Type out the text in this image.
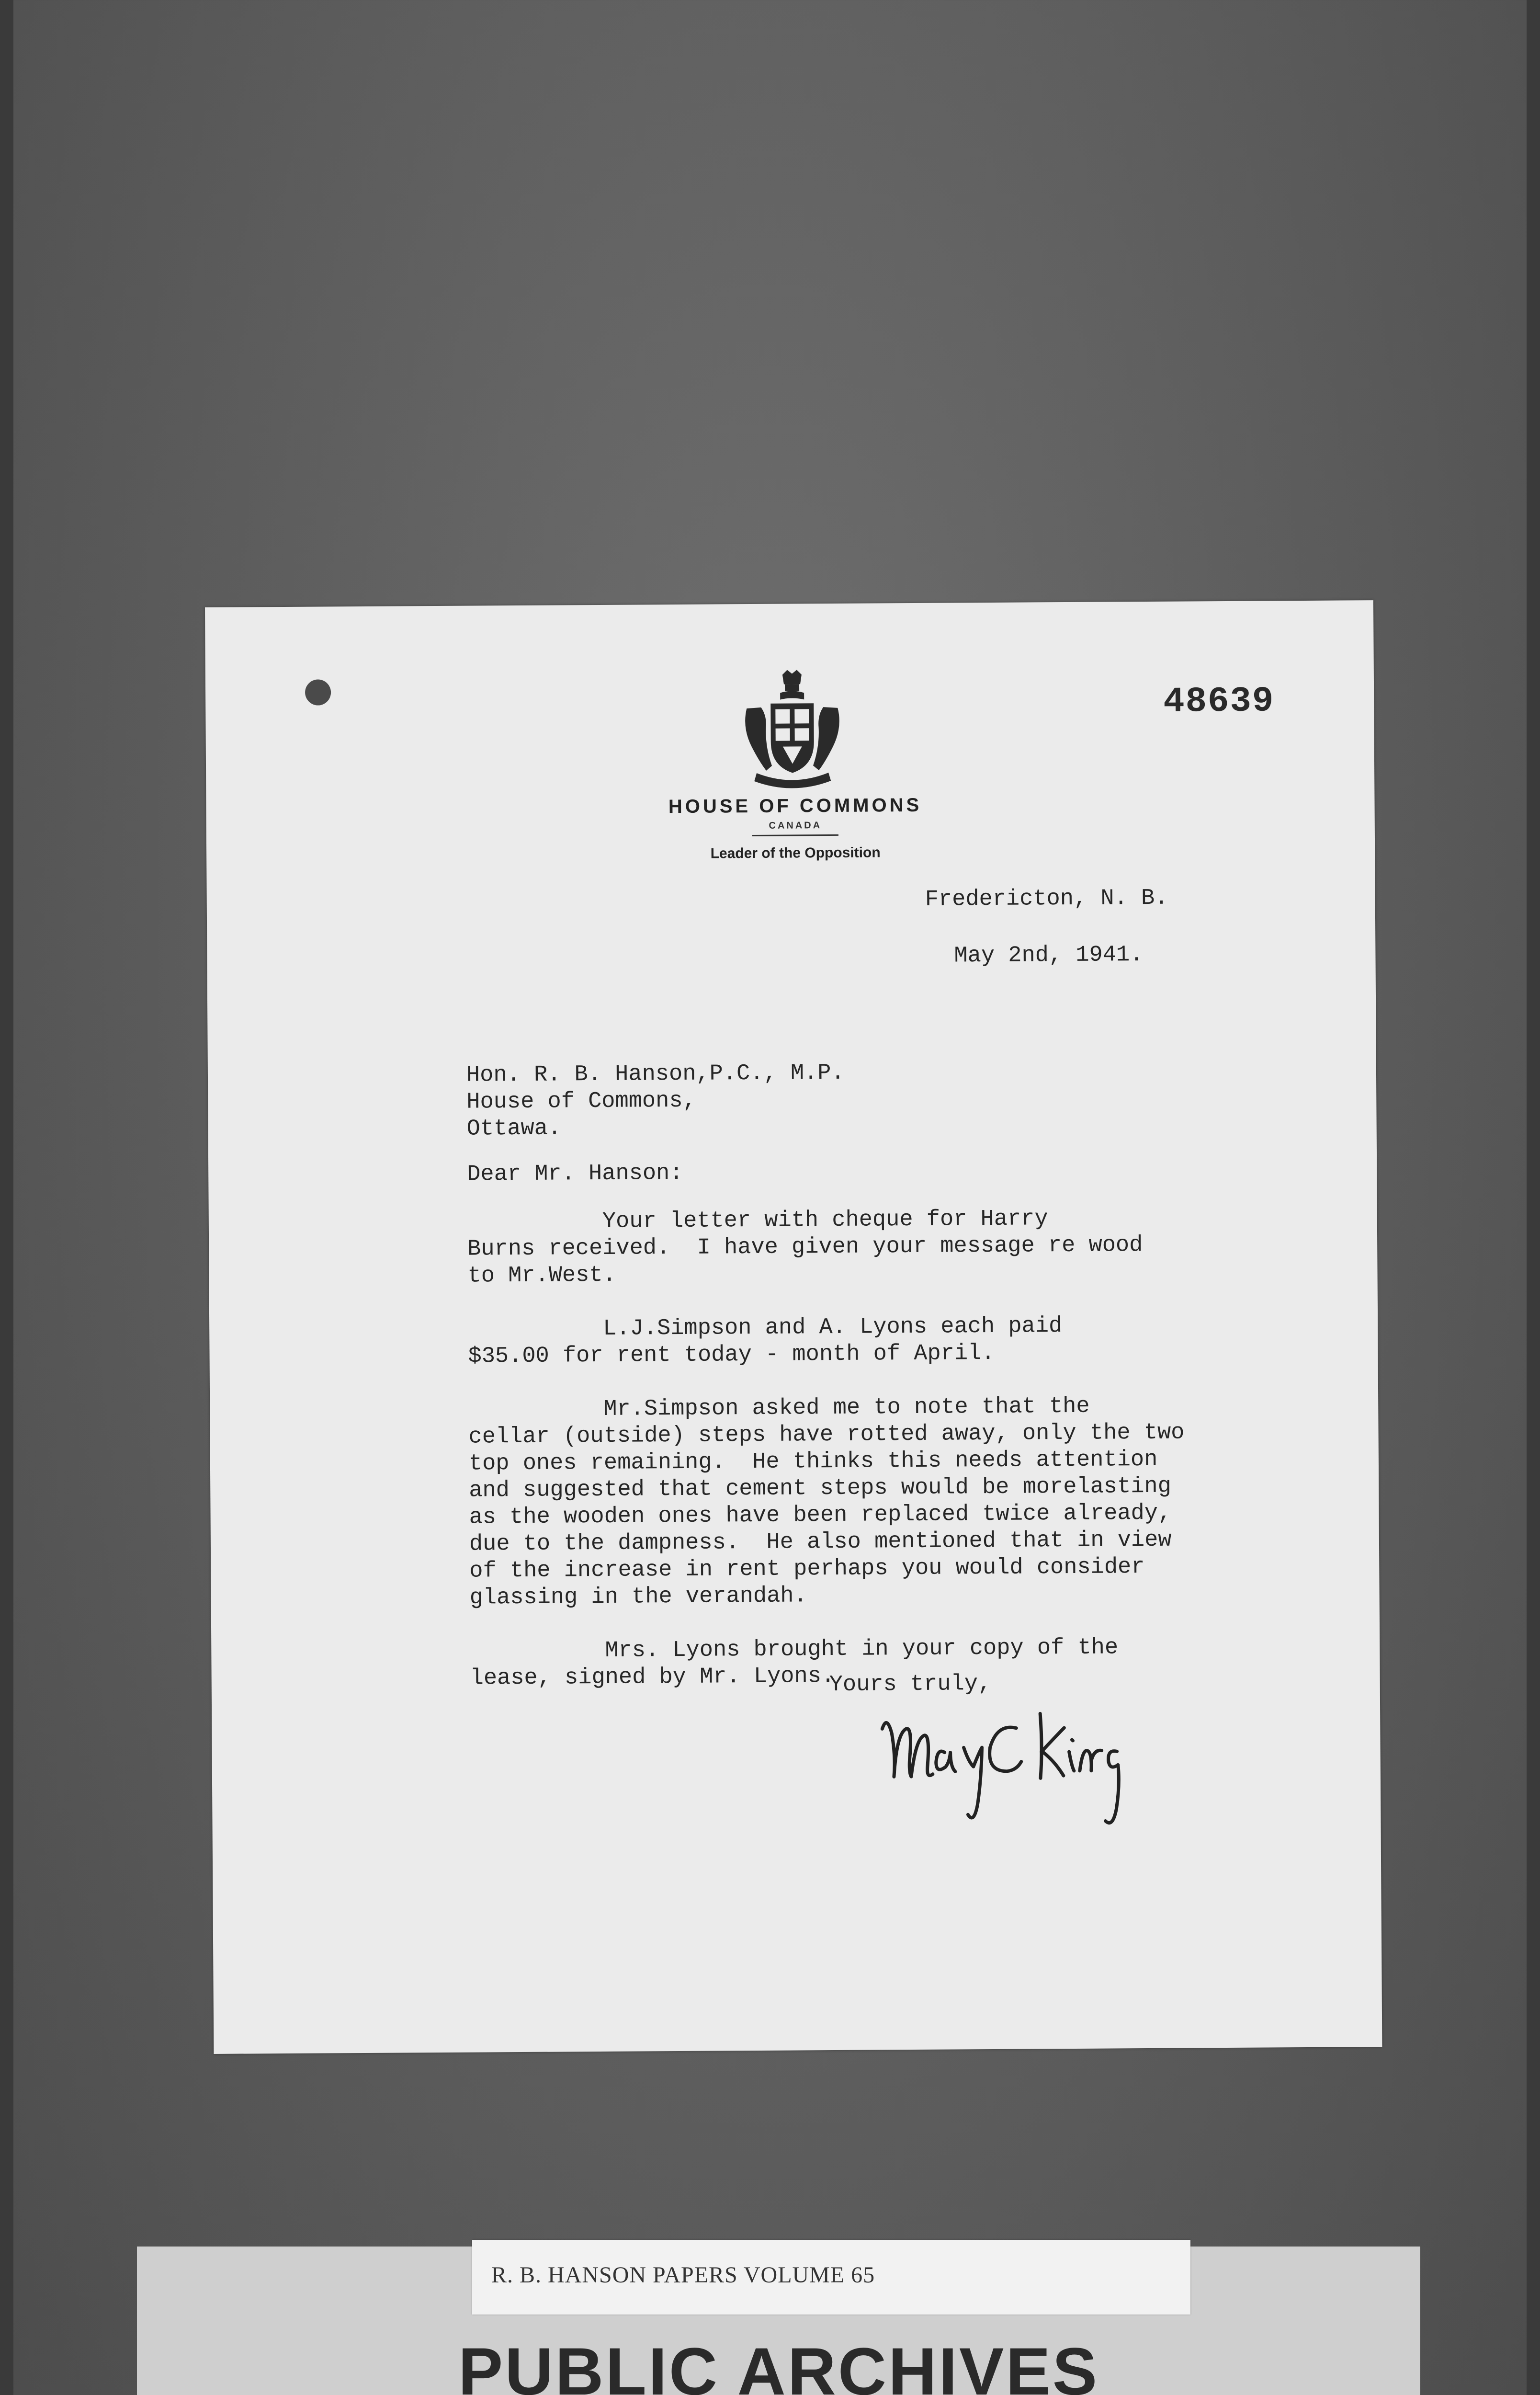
48639
HOUSE OF COMMONS
CANADA
Leader of the Opposition
Fredericton, N. B.
May 2nd, 1941.
Hon. R. B. Hanson,P.C., M.P.
House of Commons,
Ottawa.
Dear Mr. Hanson:
Your letter with cheque for Harry
Burns received.  I have given your message re wood
to Mr.West.

L.J.Simpson and A. Lyons each paid
$35.00 for rent today - month of April.

Mr.Simpson asked me to note that the
cellar (outside) steps have rotted away, only the two
top ones remaining.  He thinks this needs attention
and suggested that cement steps would be morelasting
as the wooden ones have been replaced twice already,
due to the dampness.  He also mentioned that in view
of the increase in rent perhaps you would consider
glassing in the verandah.

Mrs. Lyons brought in your copy of the
lease, signed by Mr. Lyons.
Yours truly,
R. B. HANSON PAPERS VOLUME 65
PUBLIC ARCHIVES
